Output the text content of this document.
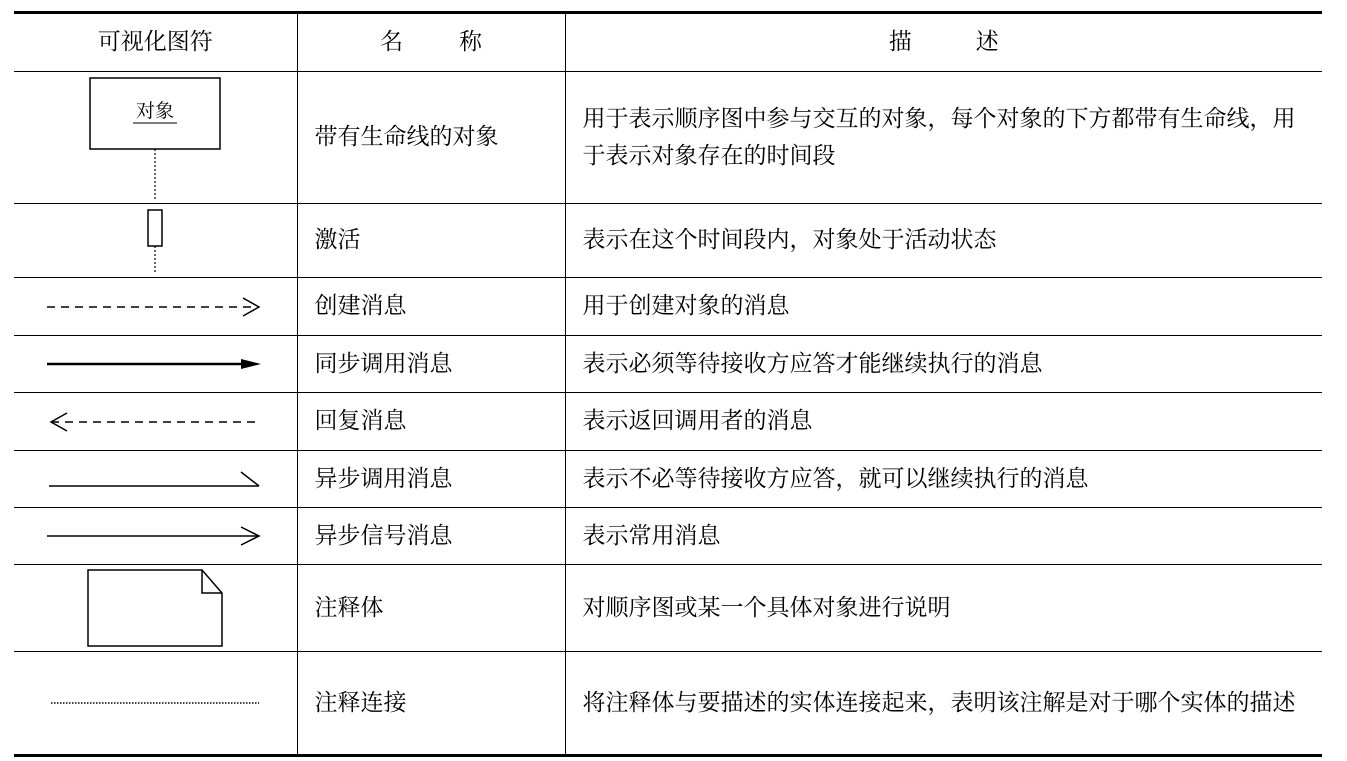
可视化图符	名称	描述

对象	带有生命线的对象	用于表示顺序图中参与交互的对象，每个对象的下方都带有生命线，用于表示对象存在的时间段

	激活	表示在这个时间段内，对象处于活动状态

	创建消息	用于创建对象的消息

	同步调用消息	表示必须等待接收方应答才能继续执行的消息

	回复消息	表示返回调用者的消息

	异步调用消息	表示不必等待接收方应答，就可以继续执行的消息

	异步信号消息	表示常用消息

	注释体	对顺序图或某一个具体对象进行说明

	注释连接	将注释体与要描述的实体连接起来，表明该注解是对于哪个实体的描述
